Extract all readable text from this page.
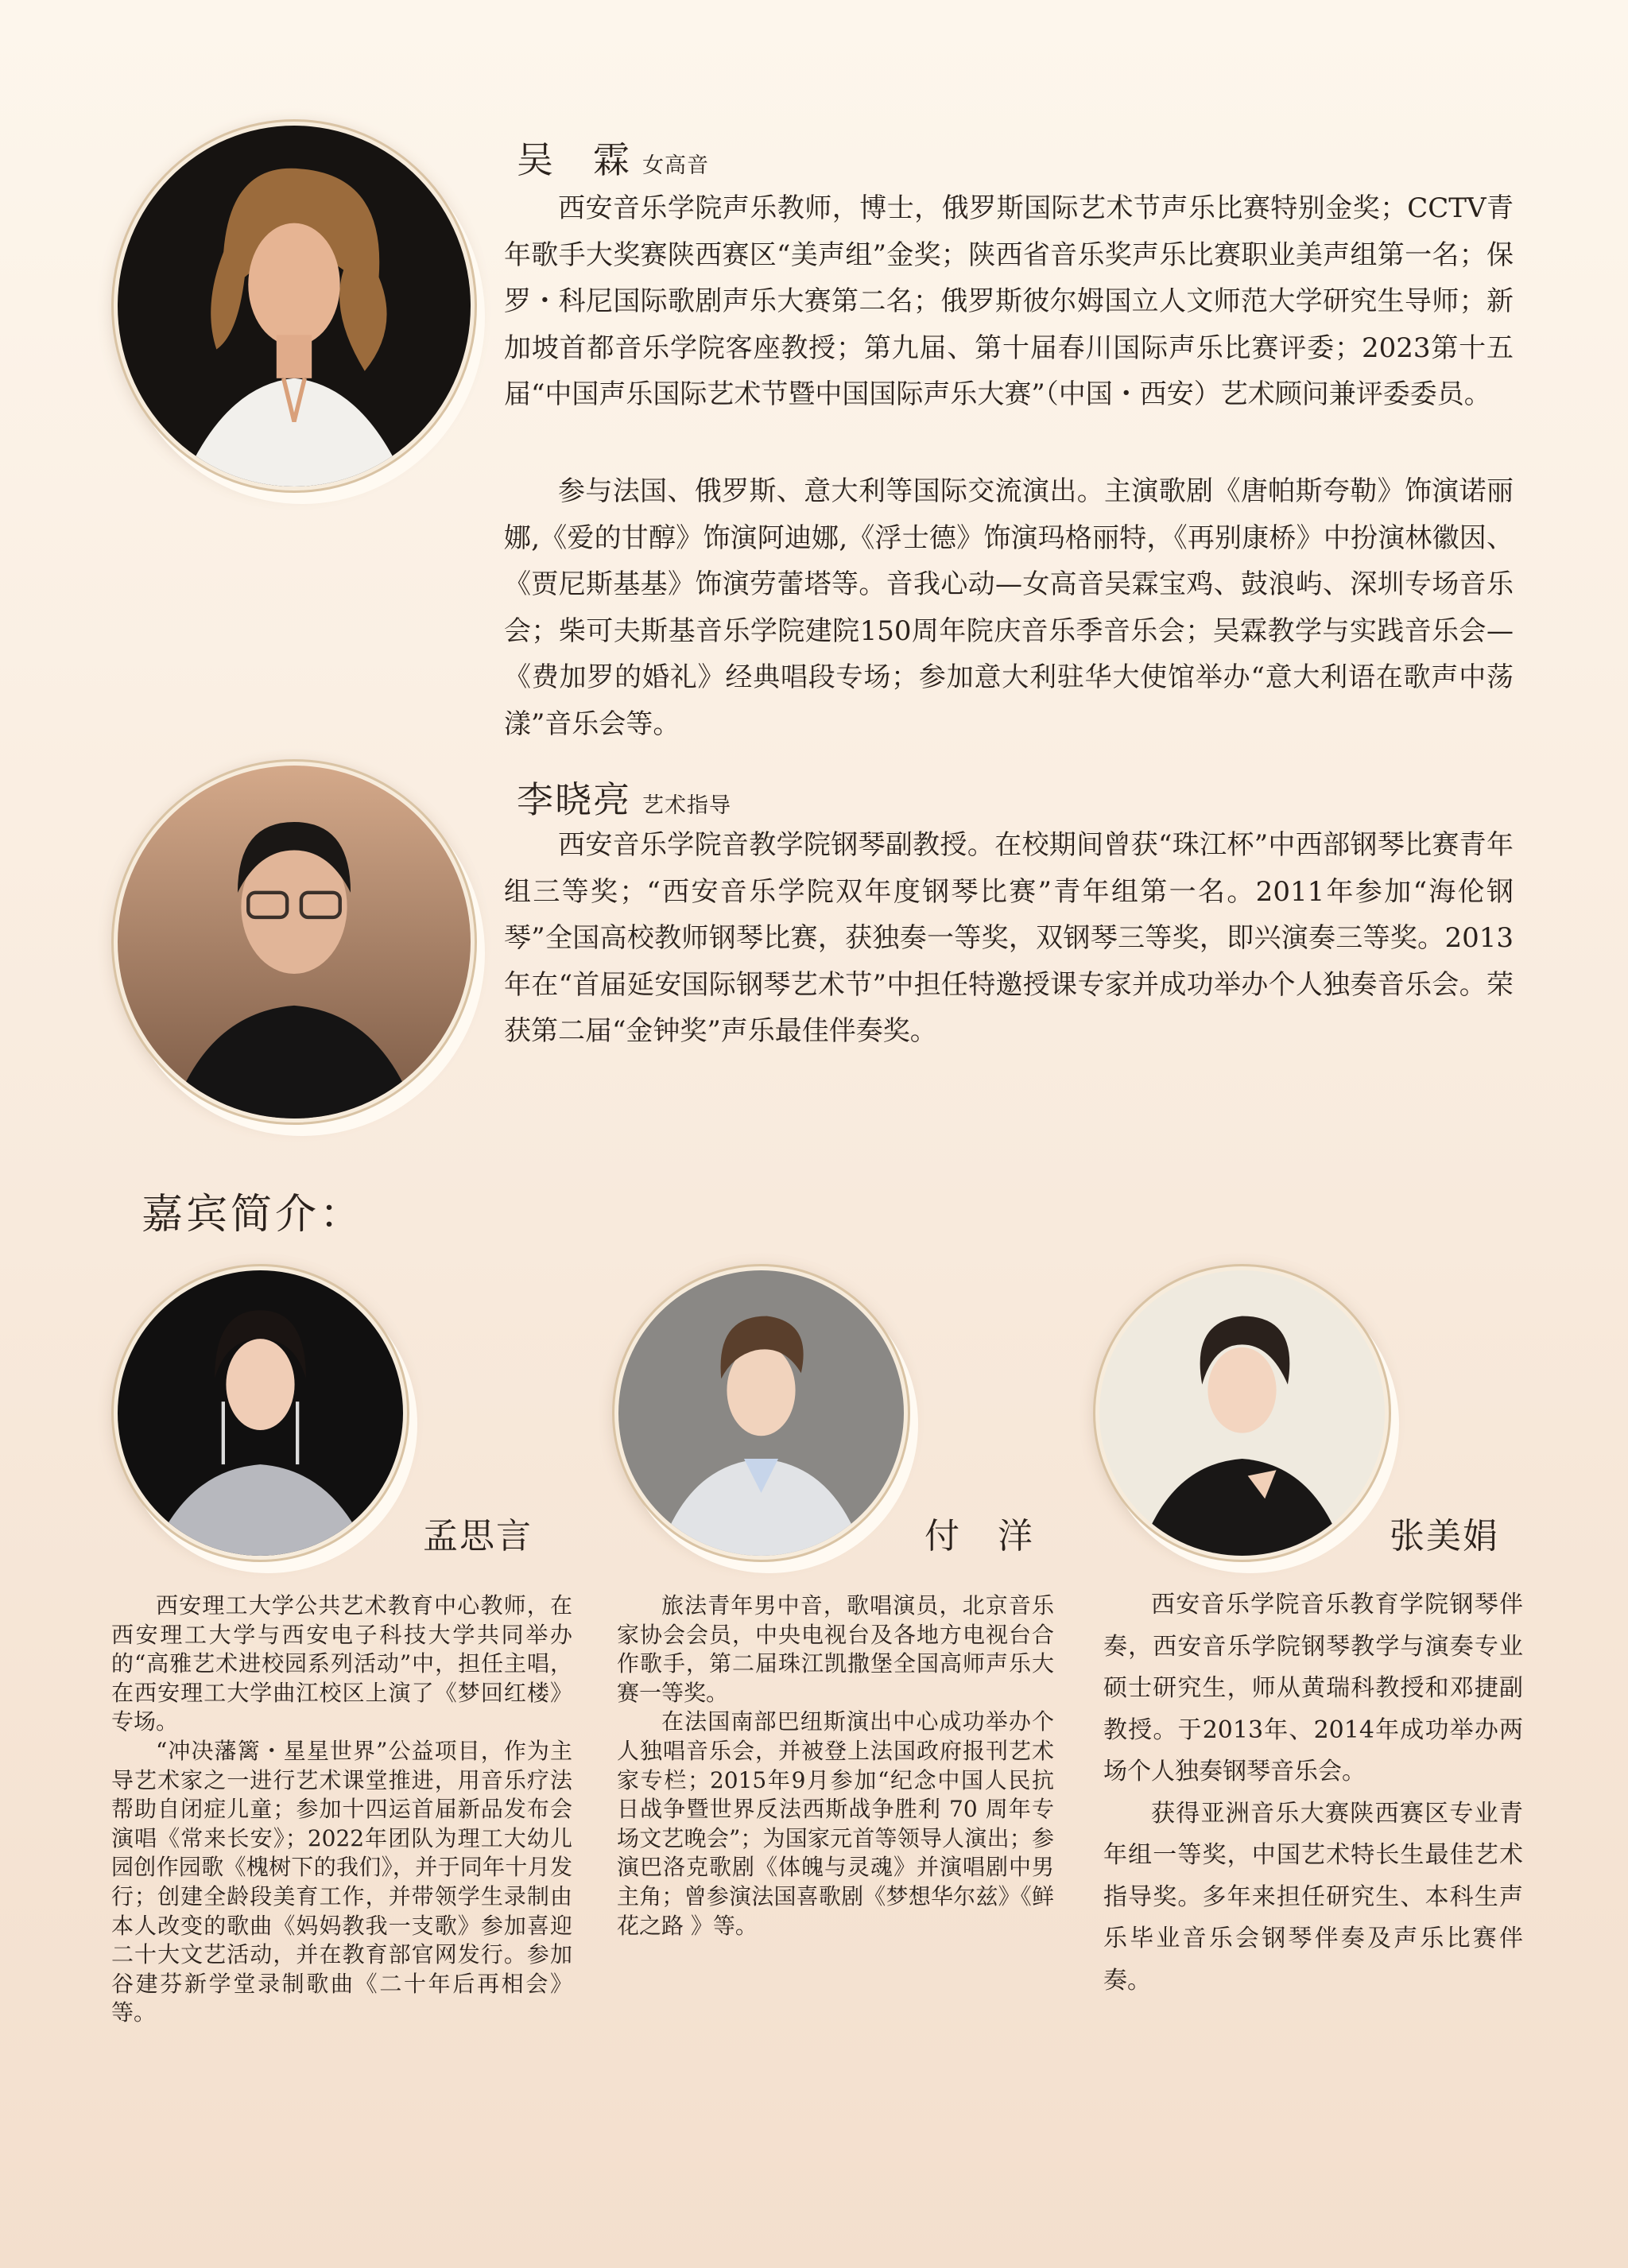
吴　霖 女高音

西安音乐学院声乐教师，博士，俄罗斯国际艺术节声乐比赛特别金奖；CCTV青年歌手大奖赛陕西赛区“美声组”金奖；陕西省音乐奖声乐比赛职业美声组第一名；保罗・科尼国际歌剧声乐大赛第二名；俄罗斯彼尔姆国立人文师范大学研究生导师；新加坡首都音乐学院客座教授；第九届、第十届春川国际声乐比赛评委；2023第十五届“中国声乐国际艺术节暨中国国际声乐大赛”（中国・西安）艺术顾问兼评委委员。

参与法国、俄罗斯、意大利等国际交流演出。主演歌剧《唐帕斯夸勒》饰演诺丽娜,《爱的甘醇》饰演阿迪娜,《浮士德》饰演玛格丽特，《再别康桥》中扮演林徽因、《贾尼斯基基》饰演劳蕾塔等。音我心动—女高音吴霖宝鸡、鼓浪屿、深圳专场音乐会；柴可夫斯基音乐学院建院150周年院庆音乐季音乐会；吴霖教学与实践音乐会—《费加罗的婚礼》经典唱段专场；参加意大利驻华大使馆举办“意大利语在歌声中荡漾”音乐会等。

李晓亮 艺术指导

西安音乐学院音教学院钢琴副教授。在校期间曾获“珠江杯”中西部钢琴比赛青年组三等奖；“西安音乐学院双年度钢琴比赛”青年组第一名。2011年参加“海伦钢琴”全国高校教师钢琴比赛，获独奏一等奖，双钢琴三等奖，即兴演奏三等奖。2013年在“首届延安国际钢琴艺术节”中担任特邀授课专家并成功举办个人独奏音乐会。荣获第二届“金钟奖”声乐最佳伴奏奖。

嘉宾简介：
孟思言

西安理工大学公共艺术教育中心教师，在西安理工大学与西安电子科技大学共同举办的“高雅艺术进校园系列活动”中，担任主唱，在西安理工大学曲江校区上演了《梦回红楼》专场。

“冲决藩篱・星星世界”公益项目，作为主导艺术家之一进行艺术课堂推进，用音乐疗法帮助自闭症儿童；参加十四运首届新品发布会演唱《常来长安》；2022年团队为理工大幼儿园创作园歌《槐树下的我们》，并于同年十月发行；创建全龄段美育工作，并带领学生录制由本人改变的歌曲《妈妈教我一支歌》参加喜迎二十大文艺活动，并在教育部官网发行。参加谷建芬新学堂录制歌曲《二十年后再相会》等。

付　洋

旅法青年男中音，歌唱演员，北京音乐家协会会员，中央电视台及各地方电视台合作歌手，第二届珠江凯撒堡全国高师声乐大赛一等奖。

在法国南部巴纽斯演出中心成功举办个人独唱音乐会，并被登上法国政府报刊艺术家专栏；2015年9月参加“纪念中国人民抗日战争暨世界反法西斯战争胜利 70 周年专场文艺晚会”；为国家元首等领导人演出；参演巴洛克歌剧《体魄与灵魂》并演唱剧中男主角；曾参演法国喜歌剧《梦想华尔兹》《鲜花之路 》等。

张美娟

西安音乐学院音乐教育学院钢琴伴奏，西安音乐学院钢琴教学与演奏专业硕士研究生，师从黄瑞科教授和邓捷副教授。于2013年、2014年成功举办两场个人独奏钢琴音乐会。

获得亚洲音乐大赛陕西赛区专业青年组一等奖，中国艺术特长生最佳艺术指导奖。多年来担任研究生、本科生声乐毕业音乐会钢琴伴奏及声乐比赛伴奏。
